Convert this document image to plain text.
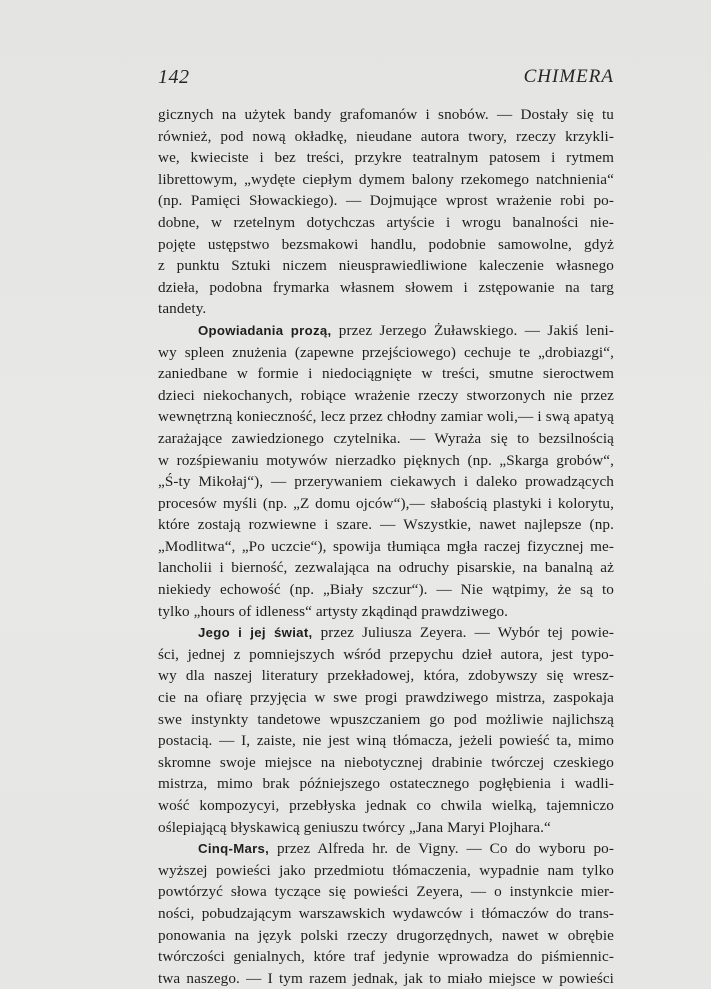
142	CHIMERA
gicznych na użytek bandy grafomanów i snobów. — Dostały się tu
również, pod nową okładkę, nieudane autora twory, rzeczy krzykli-
we, kwieciste i bez treści, przykre teatralnym patosem i rytmem
librettowym, „wydęte ciepłym dymem balony rzekomego natchnienia“
(np. Pamięci Słowackiego). — Dojmujące wprost wrażenie robi po-
dobne, w rzetelnym dotychczas artyście i wrogu banalności nie-
pojęte ustępstwo bezsmakowi handlu, podobnie samowolne, gdyż
z punktu Sztuki niczem nieusprawiedliwione kaleczenie własnego
dzieła, podobna frymarka własnem słowem i zstępowanie na targ
tandety.
Opowiadania prozą, przez Jerzego Żuławskiego. — Jakiś leni-
wy spleen znużenia (zapewne przejściowego) cechuje te „drobiazgi“,
zaniedbane w formie i niedociągnięte w treści, smutne sieroctwem
dzieci niekochanych, robiące wrażenie rzeczy stworzonych nie przez
wewnętrzną konieczność, lecz przez chłodny zamiar woli,— i swą apatyą
zarażające zawiedzionego czytelnika. — Wyraża się to bezsilnością
w rozśpiewaniu motywów nierzadko pięknych (np. „Skarga grobów“,
„Ś-ty Mikołaj“), — przerywaniem ciekawych i daleko prowadzących
procesów myśli (np. „Z domu ojców“),— słabością plastyki i kolorytu,
które zostają rozwiewne i szare. — Wszystkie, nawet najlepsze (np.
„Modlitwa“, „Po uczcie“), spowija tłumiąca mgła raczej fizycznej me-
lancholii i bierność, zezwalająca na odruchy pisarskie, na banalną aż
niekiedy echowość (np. „Biały szczur“). — Nie wątpimy, że są to
tylko „hours of idleness“ artysty zkądinąd prawdziwego.
Jego i jej świat, przez Juliusza Zeyera. — Wybór tej powie-
ści, jednej z pomniejszych wśród przepychu dzieł autora, jest typo-
wy dla naszej literatury przekładowej, która, zdobywszy się wresz-
cie na ofiarę przyjęcia w swe progi prawdziwego mistrza, zaspokaja
swe instynkty tandetowe wpuszczaniem go pod możliwie najlichszą
postacią. — I, zaiste, nie jest winą tłómacza, jeżeli powieść ta, mimo
skromne swoje miejsce na niebotycznej drabinie twórczej czeskiego
mistrza, mimo brak późniejszego ostatecznego pogłębienia i wadli-
wość kompozycyi, przebłyska jednak co chwila wielką, tajemniczo
oślepiającą błyskawicą geniuszu twórcy „Jana Maryi Plojhara.“
Cinq-Mars, przez Alfreda hr. de Vigny. — Co do wyboru po-
wyższej powieści jako przedmiotu tłómaczenia, wypadnie nam tylko
powtórzyć słowa tyczące się powieści Zeyera, — o instynkcie mier-
ności, pobudzającym warszawskich wydawców i tłómaczów do trans-
ponowania na język polski rzeczy drugorzędnych, nawet w obrębie
twórczości genialnych, które traf jedynie wprowadza do piśmiennic-
twa naszego. — I tym razem jednak, jak to miało miejsce w powieści
